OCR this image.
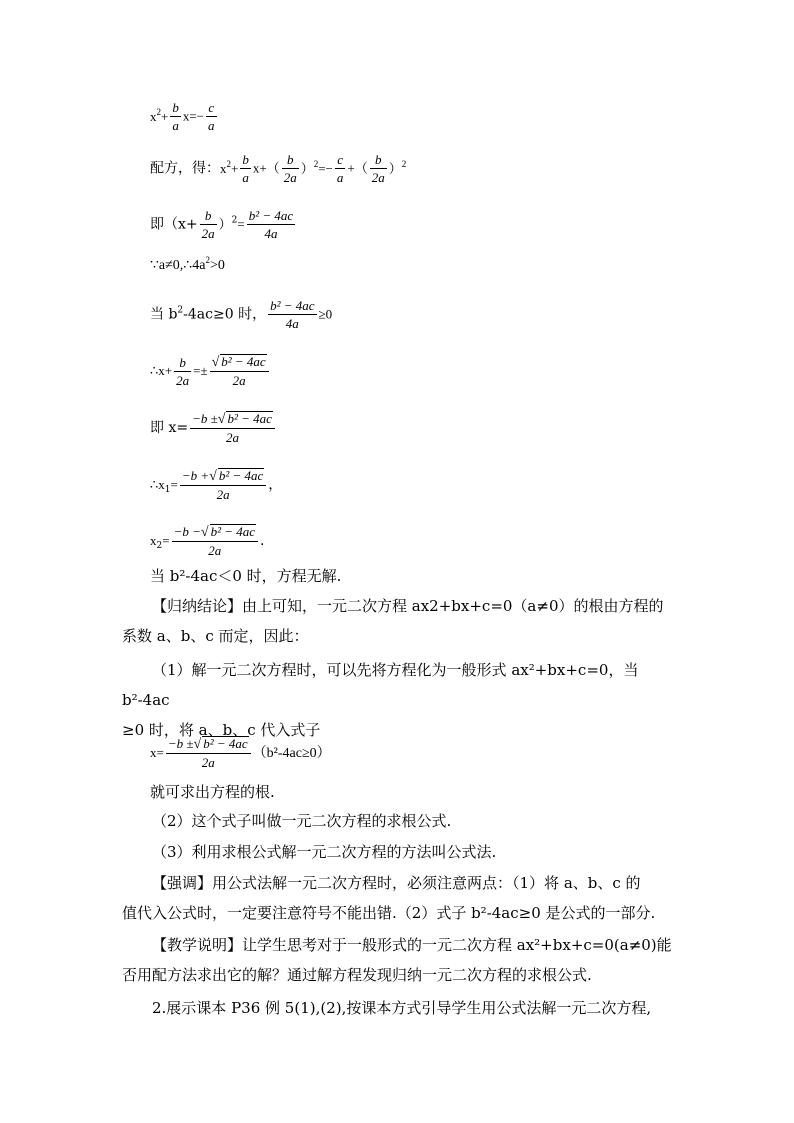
$x^2+ \frac{b}{a} x=- \frac{c}{a}$
配方，得：$x^2+ \frac{b}{a} x+( \frac{b}{2a} )^2=- \frac{c}{a}$ +（ $\frac{b}{2a} )^2$
即$(x+ \frac{b}{2a} )^2= \frac{\text{b² − 4ac}}{4a}$
$\because a\ne 0,\therefore 4a^2>0$
当 $b^2-4ac\ge 0$ 时， $\frac{\text{b² − 4ac}}{4a} \ge 0$
∴x+ $\frac{b}{2a} =\pm \frac{\text{√ b² − 4ac}}{2a}$
即 $x= \frac{\text{−b ±√ b² − 4ac}}{2a}$
$\therefore x_1= \frac{\text{−b +√ b² − 4ac}}{2a}$ ，
$x_2= \frac{\text{−b −√ b² − 4ac}}{2a}$ .
当 b²-4ac＜0 时，方程无解.
【归纳结论】由上可知，一元二次方程 ax2+bx+c=0（a≠0）的根由方程的
系数 a、b、c 而定，因此：
（1）解一元二次方程时，可以先将方程化为一般形式 ax²+bx+c=0，当 b²-4ac
≥0 时，将 a、b、c 代入式子
$x= \frac{\text{−b ±√ b² − 4ac}}{2a} (b^2-4ac\ge 0)$
就可求出方程的根.
（2）这个式子叫做一元二次方程的求根公式.
（3）利用求根公式解一元二次方程的方法叫公式法.
【强调】用公式法解一元二次方程时，必须注意两点：（1）将 a、b、c 的
值代入公式时，一定要注意符号不能出错.（2）式子 b²-4ac≥0 是公式的一部分.
【教学说明】让学生思考对于一般形式的一元二次方程 ax²+bx+c=0(a≠0)能
否用配方法求出它的解？通过解方程发现归纳一元二次方程的求根公式.
2.展示课本 P36 例 5(1),(2),按课本方式引导学生用公式法解一元二次方程,
